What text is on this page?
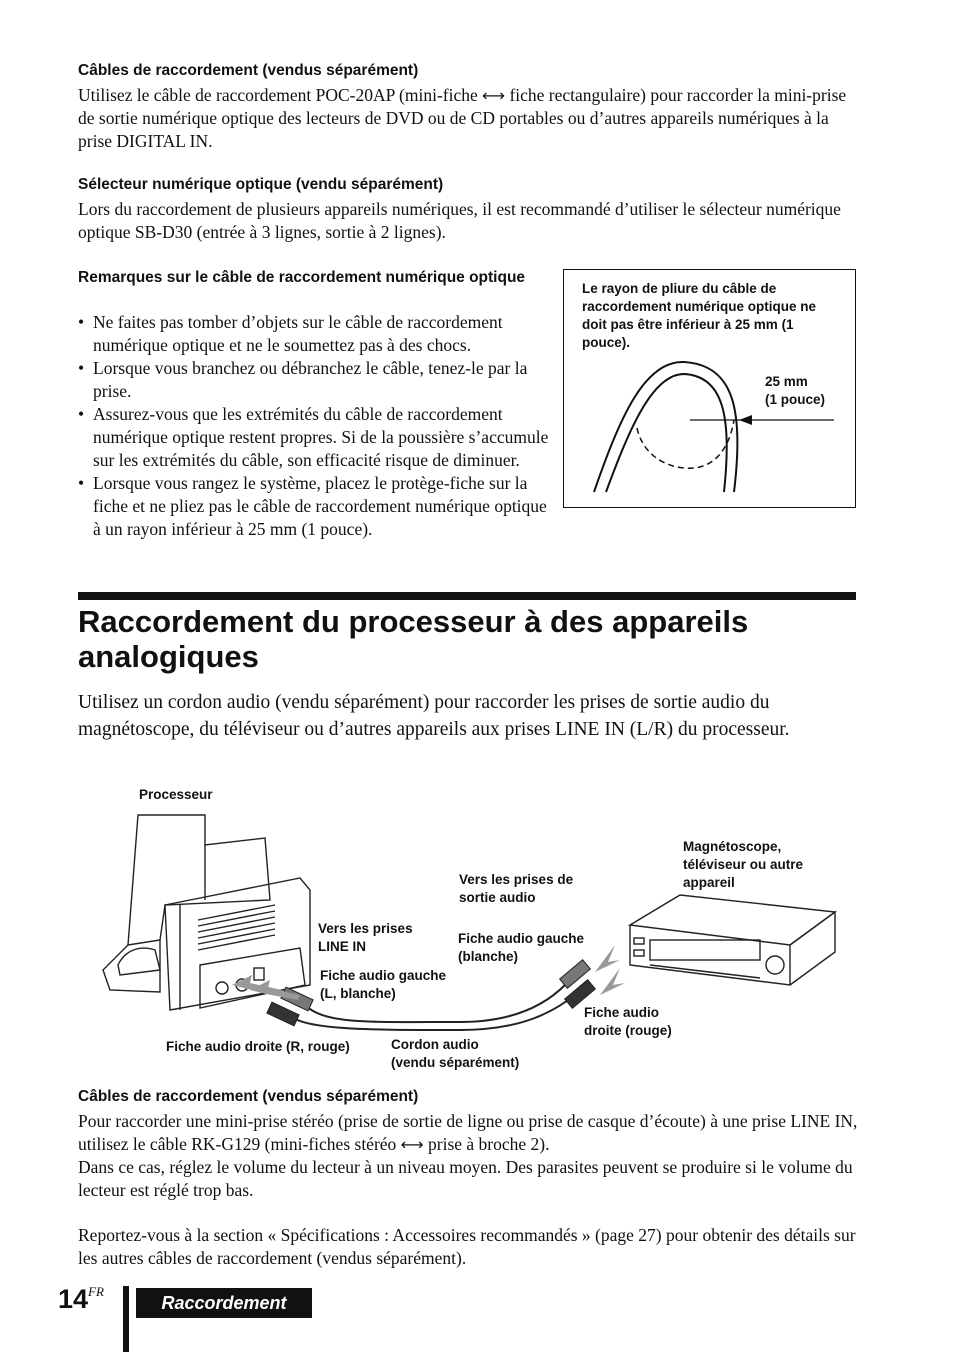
Câbles de raccordement (vendus séparément)
Utilisez le câble de raccordement POC-20AP (mini-fiche ⟷ fiche rectangulaire) pour raccorder la mini-prise de sortie numérique optique des lecteurs de DVD ou de CD portables ou d’autres appareils numériques à la prise DIGITAL IN.
Sélecteur numérique optique (vendu séparément)
Lors du raccordement de plusieurs appareils numériques, il est recommandé d’utiliser le sélecteur numérique optique SB-D30 (entrée à 3 lignes, sortie à 2 lignes).
Remarques sur le câble de raccordement numérique optique
• Ne faites pas tomber d’objets sur le câble de raccordement numérique optique et ne le soumettez pas à des chocs.
• Lorsque vous branchez ou débranchez le câble, tenez-le par la prise.
• Assurez-vous que les extrémités du câble de raccordement numérique optique restent propres. Si de la poussière s’accumule sur les extrémités du câble, son efficacité risque de diminuer.
• Lorsque vous rangez le système, placez le protège-fiche sur la fiche et ne pliez pas le câble de raccordement numérique optique à un rayon inférieur à 25 mm (1 pouce).
Le rayon de pliure du câble de raccordement numérique optique ne doit pas être inférieur à 25 mm (1 pouce).
25 mm
(1 pouce)
Raccordement du processeur à des appareils analogiques
Utilisez un cordon audio (vendu séparément) pour raccorder les prises de sortie audio du magnétoscope, du téléviseur ou d’autres appareils aux prises LINE IN (L/R) du processeur.
Processeur
Magnétoscope,
téléviseur ou autre
appareil
Vers les prises de
sortie audio
Vers les prises
LINE IN
Fiche audio gauche
(blanche)
Fiche audio gauche
(L, blanche)
Fiche audio
droite (rouge)
Fiche audio droite (R, rouge)	Cordon audio
(vendu séparément)
Câbles de raccordement (vendus séparément)
Pour raccorder une mini-prise stéréo (prise de sortie de ligne ou prise de casque d’écoute) à une prise LINE IN, utilisez le câble RK-G129 (mini-fiches stéréo ⟷ prise à broche 2).
Dans ce cas, réglez le volume du lecteur à un niveau moyen. Des parasites peuvent se produire si le volume du lecteur est réglé trop bas.
Reportez-vous à la section « Spécifications : Accessoires recommandés » (page 27) pour obtenir des détails sur les autres câbles de raccordement (vendus séparément).
$14^{FR}$
Raccordement
